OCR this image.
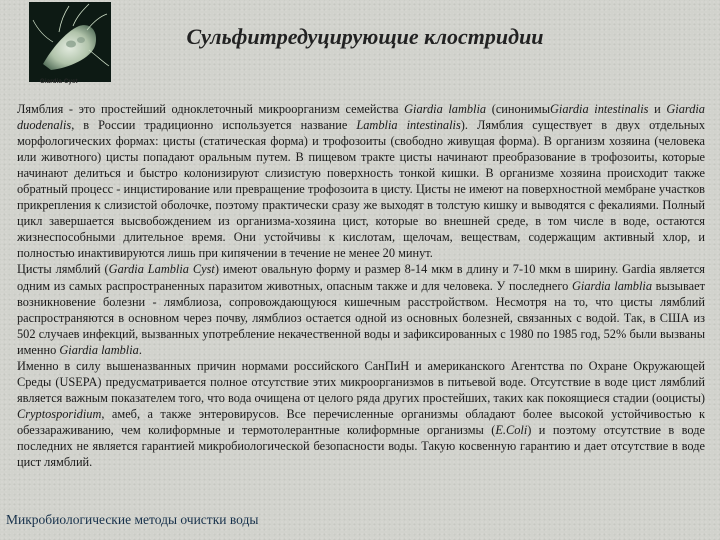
Giardia Cyst
Сульфитредуцирующие клостридии

Лямблия - это простейший одноклеточный микроорганизм семейства Giardia lamblia (синонимыGiardia intestinalis и Giardia duodenalis, в России традиционно используется название Lamblia intestinalis). Лямблия существует в двух отдельных морфологических формах: цисты (статическая форма) и трофозоиты (свободно живущая форма). В организм хозяина (человека или животного) цисты попадают оральным путем. В пищевом тракте цисты начинают преобразование в трофозоиты, которые начинают делиться и быстро колонизируют слизистую поверхность тонкой кишки. В организме хозяина происходит также обратный процесс - инцистирование или превращение трофозоита в цисту. Цисты не имеют на поверхностной мембране участков прикрепления к слизистой оболочке, поэтому практически сразу же выходят в толстую кишку и выводятся с фекалиями. Полный цикл завершается высвобождением из организма-хозяина цист, которые во внешней среде, в том числе в воде, остаются жизнеспособными длительное время. Они устойчивы к кислотам, щелочам, веществам, содержащим активный хлор, и полностью инактивируются лишь при кипячении в течение не менее 20 минут.

Цисты лямблий (Gardia Lamblia Cyst) имеют овальную форму и размер 8-14 мкм в длину и 7-10 мкм в ширину. Gardia является одним из самых распространенных паразитом животных, опасным также и для человека. У последнего Giardia lamblia вызывает возникновение болезни - лямблиоза, сопровождающуюся кишечным расстройством. Несмотря на то, что цисты лямблий распространяются в основном через почву, лямблиоз остается одной из основных болезней, связанных с водой. Так, в США из 502 случаев инфекций, вызванных употребление некачественной воды и зафиксированных с 1980 по 1985 год, 52% были вызваны именно Giardia lamblia.

Именно в силу вышеназванных причин нормами российского СанПиН и американского Агентства по Охране Окружающей Среды (USEPA) предусматривается полное отсутствие этих микроорганизмов в питьевой воде. Отсутствие в воде цист лямблий является важным показателем того, что вода очищена от целого ряда других простейших, таких как покоящиеся стадии (ооцисты) Cryptosporidium, амеб, а также энтеровирусов. Все перечисленные организмы обладают более высокой устойчивостью к обеззараживанию, чем колиформные и термотолерантные колиформные организмы (E.Coli) и поэтому отсутствие в воде последних не является гарантией микробиологической безопасности воды. Такую косвенную гарантию и дает отсутствие в воде цист лямблий.

Микробиологические методы очистки воды
